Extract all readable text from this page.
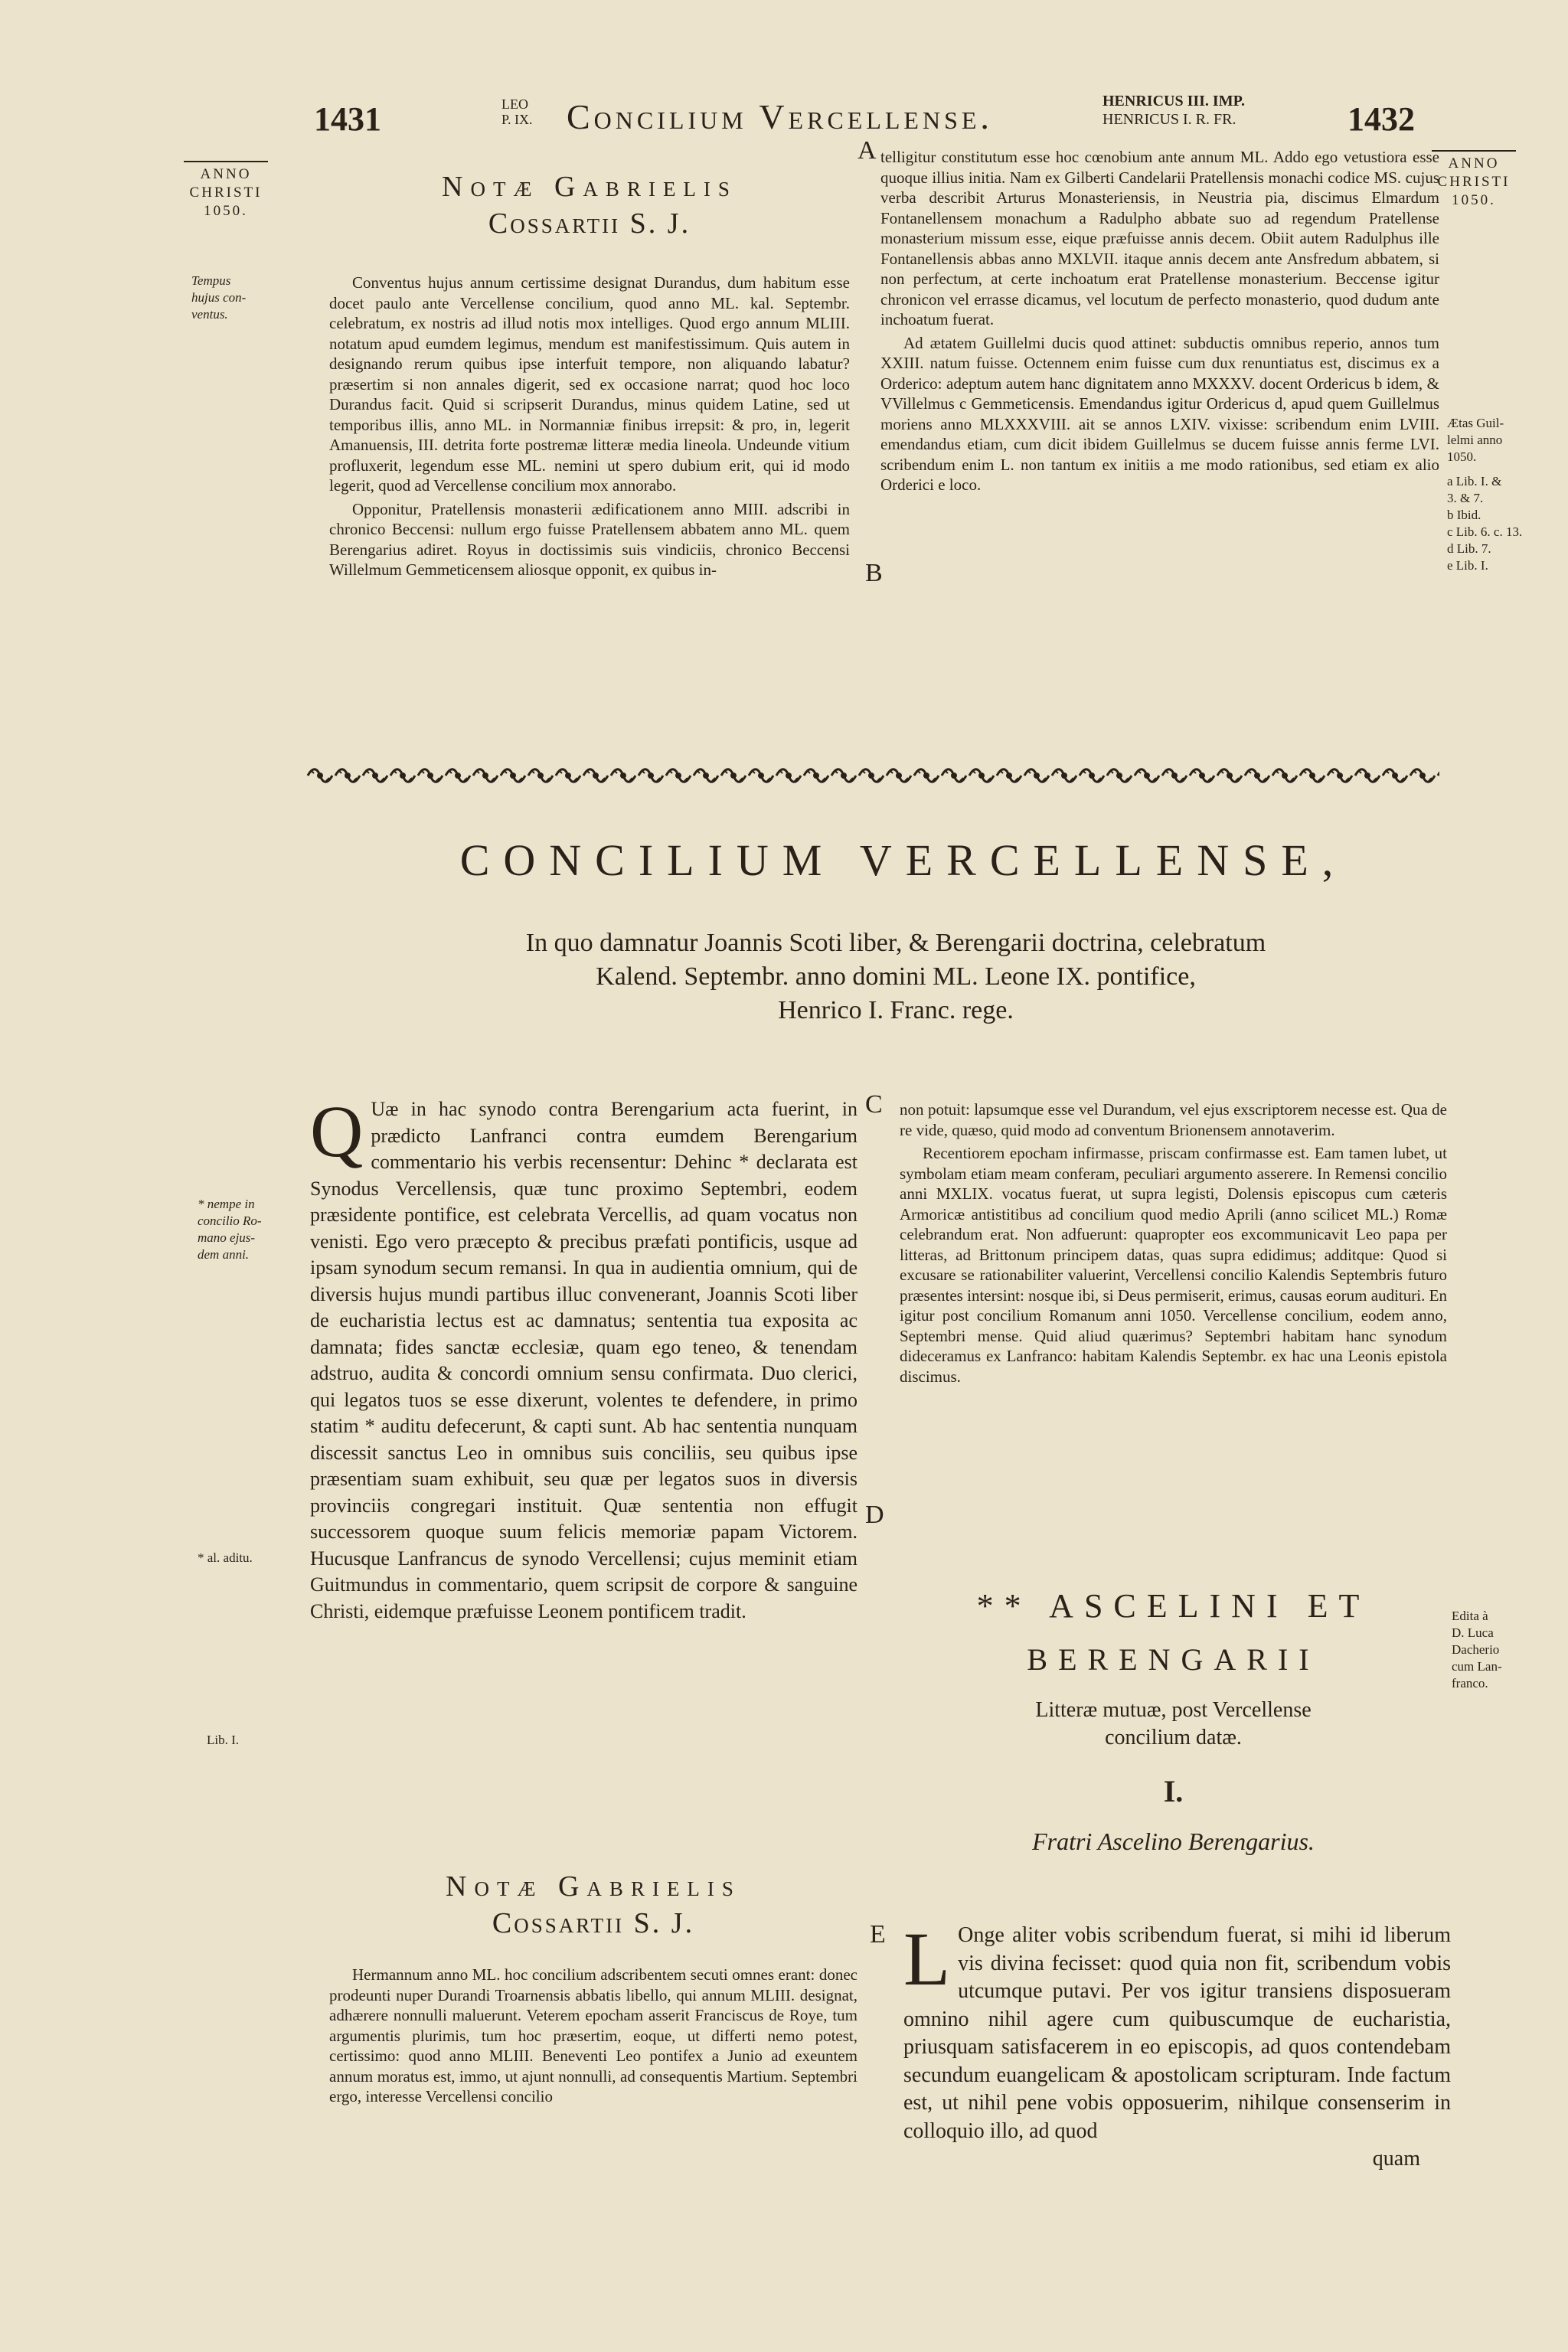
1431	LEO
P. IX. Concilium Vercellense.	HENRICUS III. IMP.
HENRICUS I. R. FR.	1432
ANNO
CHRISTI
1050.
Tempus
hujus con-
ventus.
* nempe in
concilio Ro-
mano ejus-
dem anni.
* al. aditu.
Lib. I.
ANNO
CHRISTI
1050.
Ætas Guil-
lelmi anno
1050.
a Lib. I. &
3. & 7.
b Ibid.
c Lib. 6. c. 13.
d Lib. 7.
e Lib. I.
Edita à
D. Luca
Dacherio
cum Lan-
franco.
A
B
C
D
E
Notæ Gabrielis
Cossartii S. J.

Conventus hujus annum certissime designat Durandus, dum habitum esse docet paulo ante Vercellense concilium, quod anno ML. kal. Septembr. celebratum, ex nostris ad illud notis mox intelliges. Quod ergo annum MLIII. notatum apud eumdem legimus, mendum est manifestissimum. Quis autem in designando rerum quibus ipse interfuit tempore, non aliquando labatur? præsertim si non annales digerit, sed ex occasione narrat; quod hoc loco Durandus facit. Quid si scripserit Durandus, minus quidem Latine, sed ut temporibus illis, anno ML. in Normanniæ finibus irrepsit: & pro, in, legerit Amanuensis, III. detrita forte postremæ litteræ media lineola. Undeunde vitium profluxerit, legendum esse ML. nemini ut spero dubium erit, qui id modo legerit, quod ad Vercellense concilium mox annorabo.

Opponitur, Pratellensis monasterii ædificationem anno MIII. adscribi in chronico Beccensi: nullum ergo fuisse Pratellensem abbatem anno ML. quem Berengarius adiret. Royus in doctissimis suis vindiciis, chronico Beccensi Willelmum Gemmeticensem aliosque opponit, ex quibus in-

telligitur constitutum esse hoc cœnobium ante annum ML. Addo ego vetustiora esse quoque illius initia. Nam ex Gilberti Candelarii Pratellensis monachi codice MS. cujus verba describit Arturus Monasteriensis, in Neustria pia, discimus Elmardum Fontanellensem monachum a Radulpho abbate suo ad regendum Pratellense monasterium missum esse, eique præfuisse annis decem. Obiit autem Radulphus ille Fontanellensis abbas anno MXLVII. itaque annis decem ante Ansfredum abbatem, si non perfectum, at certe inchoatum erat Pratellense monasterium. Beccense igitur chronicon vel errasse dicamus, vel locutum de perfecto monasterio, quod dudum ante inchoatum fuerat.

Ad ætatem Guillelmi ducis quod attinet: subductis omnibus reperio, annos tum XXIII. natum fuisse. Octennem enim fuisse cum dux renuntiatus est, discimus ex a Orderico: adeptum autem hanc dignitatem anno MXXXV. docent Ordericus b idem, & VVillelmus c Gemmeticensis. Emendandus igitur Ordericus d, apud quem Guillelmus moriens anno MLXXXVIII. ait se annos LXIV. vixisse: scribendum enim LVIII. emendandus etiam, cum dicit ibidem Guillelmus se ducem fuisse annis ferme LVI. scribendum enim L. non tantum ex initiis a me modo rationibus, sed etiam ex alio Orderici e loco.

CONCILIUM VERCELLENSE,
In quo damnatur Joannis Scoti liber, & Berengarii doctrina, celebratum
Kalend. Septembr. anno domini ML. Leone IX. pontifice,
Henrico I. Franc. rege.
Q Uæ in hac synodo contra Berengarium acta fuerint, in prædicto Lanfranci contra eumdem Berengarium commentario his verbis recensentur: Dehinc * declarata est Synodus Vercellensis, quæ tunc proximo Septembri, eodem præsidente pontifice, est celebrata Vercellis, ad quam vocatus non venisti. Ego vero præcepto & precibus præfati pontificis, usque ad ipsam synodum secum remansi. In qua in audientia omnium, qui de diversis hujus mundi partibus illuc convenerant, Joannis Scoti liber de eucharistia lectus est ac damnatus; sententia tua exposita ac damnata; fides sanctæ ecclesiæ, quam ego teneo, & tenendam adstruo, audita & concordi omnium sensu confirmata. Duo clerici, qui legatos tuos se esse dixerunt, volentes te defendere, in primo statim * auditu defecerunt, & capti sunt. Ab hac sententia nunquam discessit sanctus Leo in omnibus suis conciliis, seu quibus ipse præsentiam suam exhibuit, seu quæ per legatos suos in diversis provinciis congregari instituit. Quæ sententia non effugit successorem quoque suum felicis memoriæ papam Victorem. Hucusque Lanfrancus de synodo Vercellensi; cujus meminit etiam Guitmundus in commentario, quem scripsit de corpore & sanguine Christi, eidemque præfuisse Leonem pontificem tradit.

Notæ Gabrielis
Cossartii S. J.

Hermannum anno ML. hoc concilium adscribentem secuti omnes erant: donec prodeunti nuper Durandi Troarnensis abbatis libello, qui annum MLIII. designat, adhærere nonnulli maluerunt. Veterem epocham asserit Franciscus de Roye, tum argumentis plurimis, tum hoc præsertim, eoque, ut differti nemo potest, certissimo: quod anno MLIII. Beneventi Leo pontifex a Junio ad exeuntem annum moratus est, immo, ut ajunt nonnulli, ad consequentis Martium. Septembri ergo, interesse Vercellensi concilio

non potuit: lapsumque esse vel Durandum, vel ejus exscriptorem necesse est. Qua de re vide, quæso, quid modo ad conventum Brionensem annotaverim.

Recentiorem epocham infirmasse, priscam confirmasse est. Eam tamen lubet, ut symbolam etiam meam conferam, peculiari argumento asserere. In Remensi concilio anni MXLIX. vocatus fuerat, ut supra legisti, Dolensis episcopus cum cæteris Armoricæ antistitibus ad concilium quod medio Aprili (anno scilicet ML.) Romæ celebrandum erat. Non adfuerunt: quapropter eos excommunicavit Leo papa per litteras, ad Brittonum principem datas, quas supra edidimus; additque: Quod si excusare se rationabiliter valuerint, Vercellensi concilio Kalendis Septembris futuro præsentes intersint: nosque ibi, si Deus permiserit, erimus, causas eorum audituri. En igitur post concilium Romanum anni 1050. Vercellense concilium, eodem anno, Septembri mense. Quid aliud quærimus? Septembri habitam hanc synodum dideceramus ex Lanfranco: habitam Kalendis Septembr. ex hac una Leonis epistola discimus.

** ASCELINI ET
BERENGARII
Litteræ mutuæ, post Vercellense
concilium datæ.
I.
Fratri Ascelino Berengarius.
L Onge aliter vobis scribendum fuerat, si mihi id liberum vis divina fecisset: quod quia non fit, scribendum vobis utcumque putavi. Per vos igitur transiens disposueram omnino nihil agere cum quibuscumque de eucharistia, priusquam satisfacerem in eo episcopis, ad quos contendebam secundum euangelicam & apostolicam scripturam. Inde factum est, ut nihil pene vobis opposuerim, nihilque consenserim in colloquio illo, ad quod

quam
